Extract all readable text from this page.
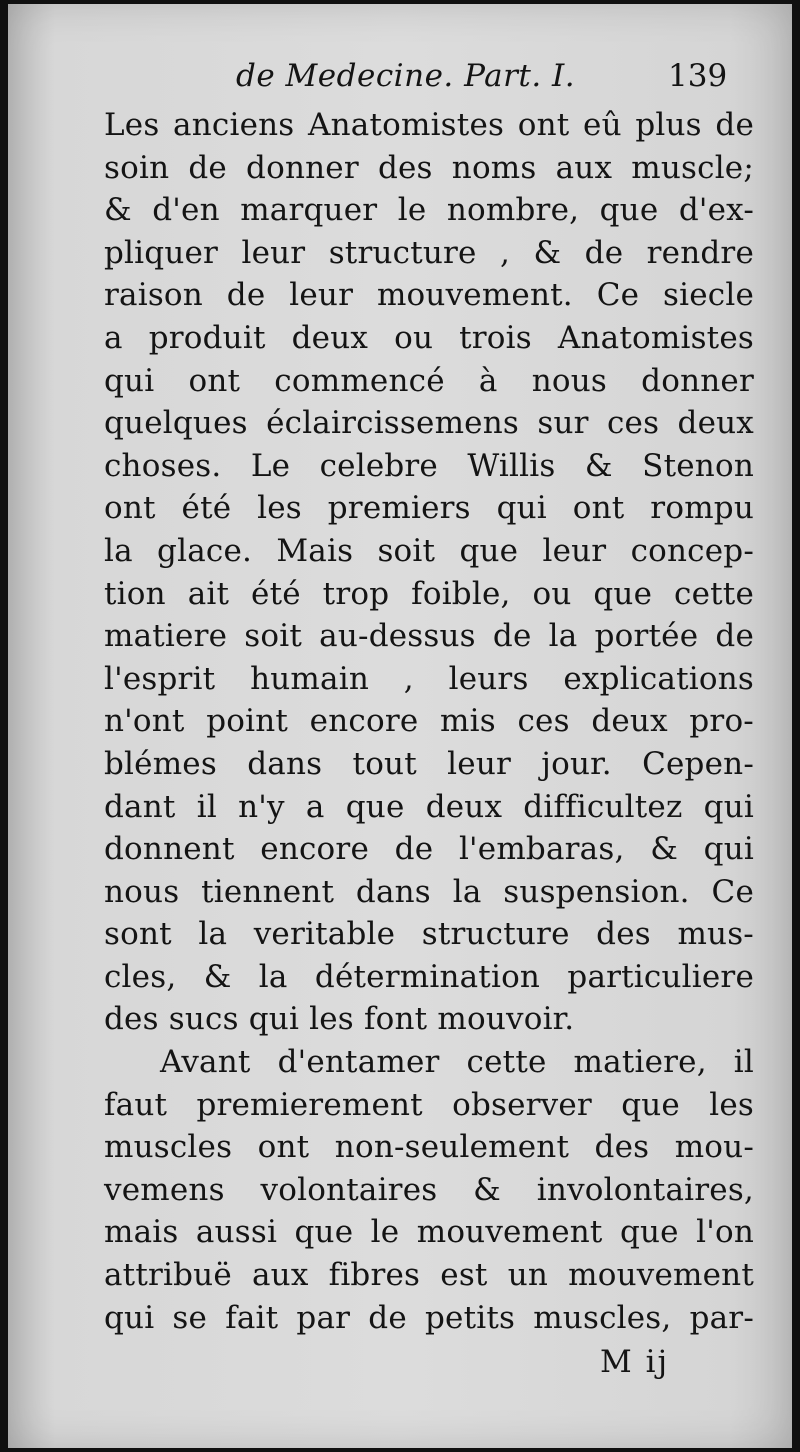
de Medecine. Part. I.	139
Les anciens Anatomistes ont eû plus de
soin de donner des noms aux muscle;
& d'en marquer le nombre, que d'ex-
pliquer leur structure , & de rendre
raison de leur mouvement. Ce siecle
a produit deux ou trois Anatomistes
qui ont commencé à nous donner
quelques éclaircissemens sur ces deux
choses. Le celebre Willis & Stenon
ont été les premiers qui ont rompu
la glace. Mais soit que leur concep-
tion ait été trop foible, ou que cette
matiere soit au-dessus de la portée de
l'esprit humain , leurs explications
n'ont point encore mis ces deux pro-
blémes dans tout leur jour. Cepen-
dant il n'y a que deux difficultez qui
donnent encore de l'embaras, & qui
nous tiennent dans la suspension. Ce
sont la veritable structure des mus-
cles, & la détermination particuliere
des sucs qui les font mouvoir.
Avant d'entamer cette matiere, il
faut premierement observer que les
muscles ont non-seulement des mou-
vemens volontaires & involontaires,
mais aussi que le mouvement que l'on
attribuë aux fibres est un mouvement
qui se fait par de petits muscles, par-
M ij
